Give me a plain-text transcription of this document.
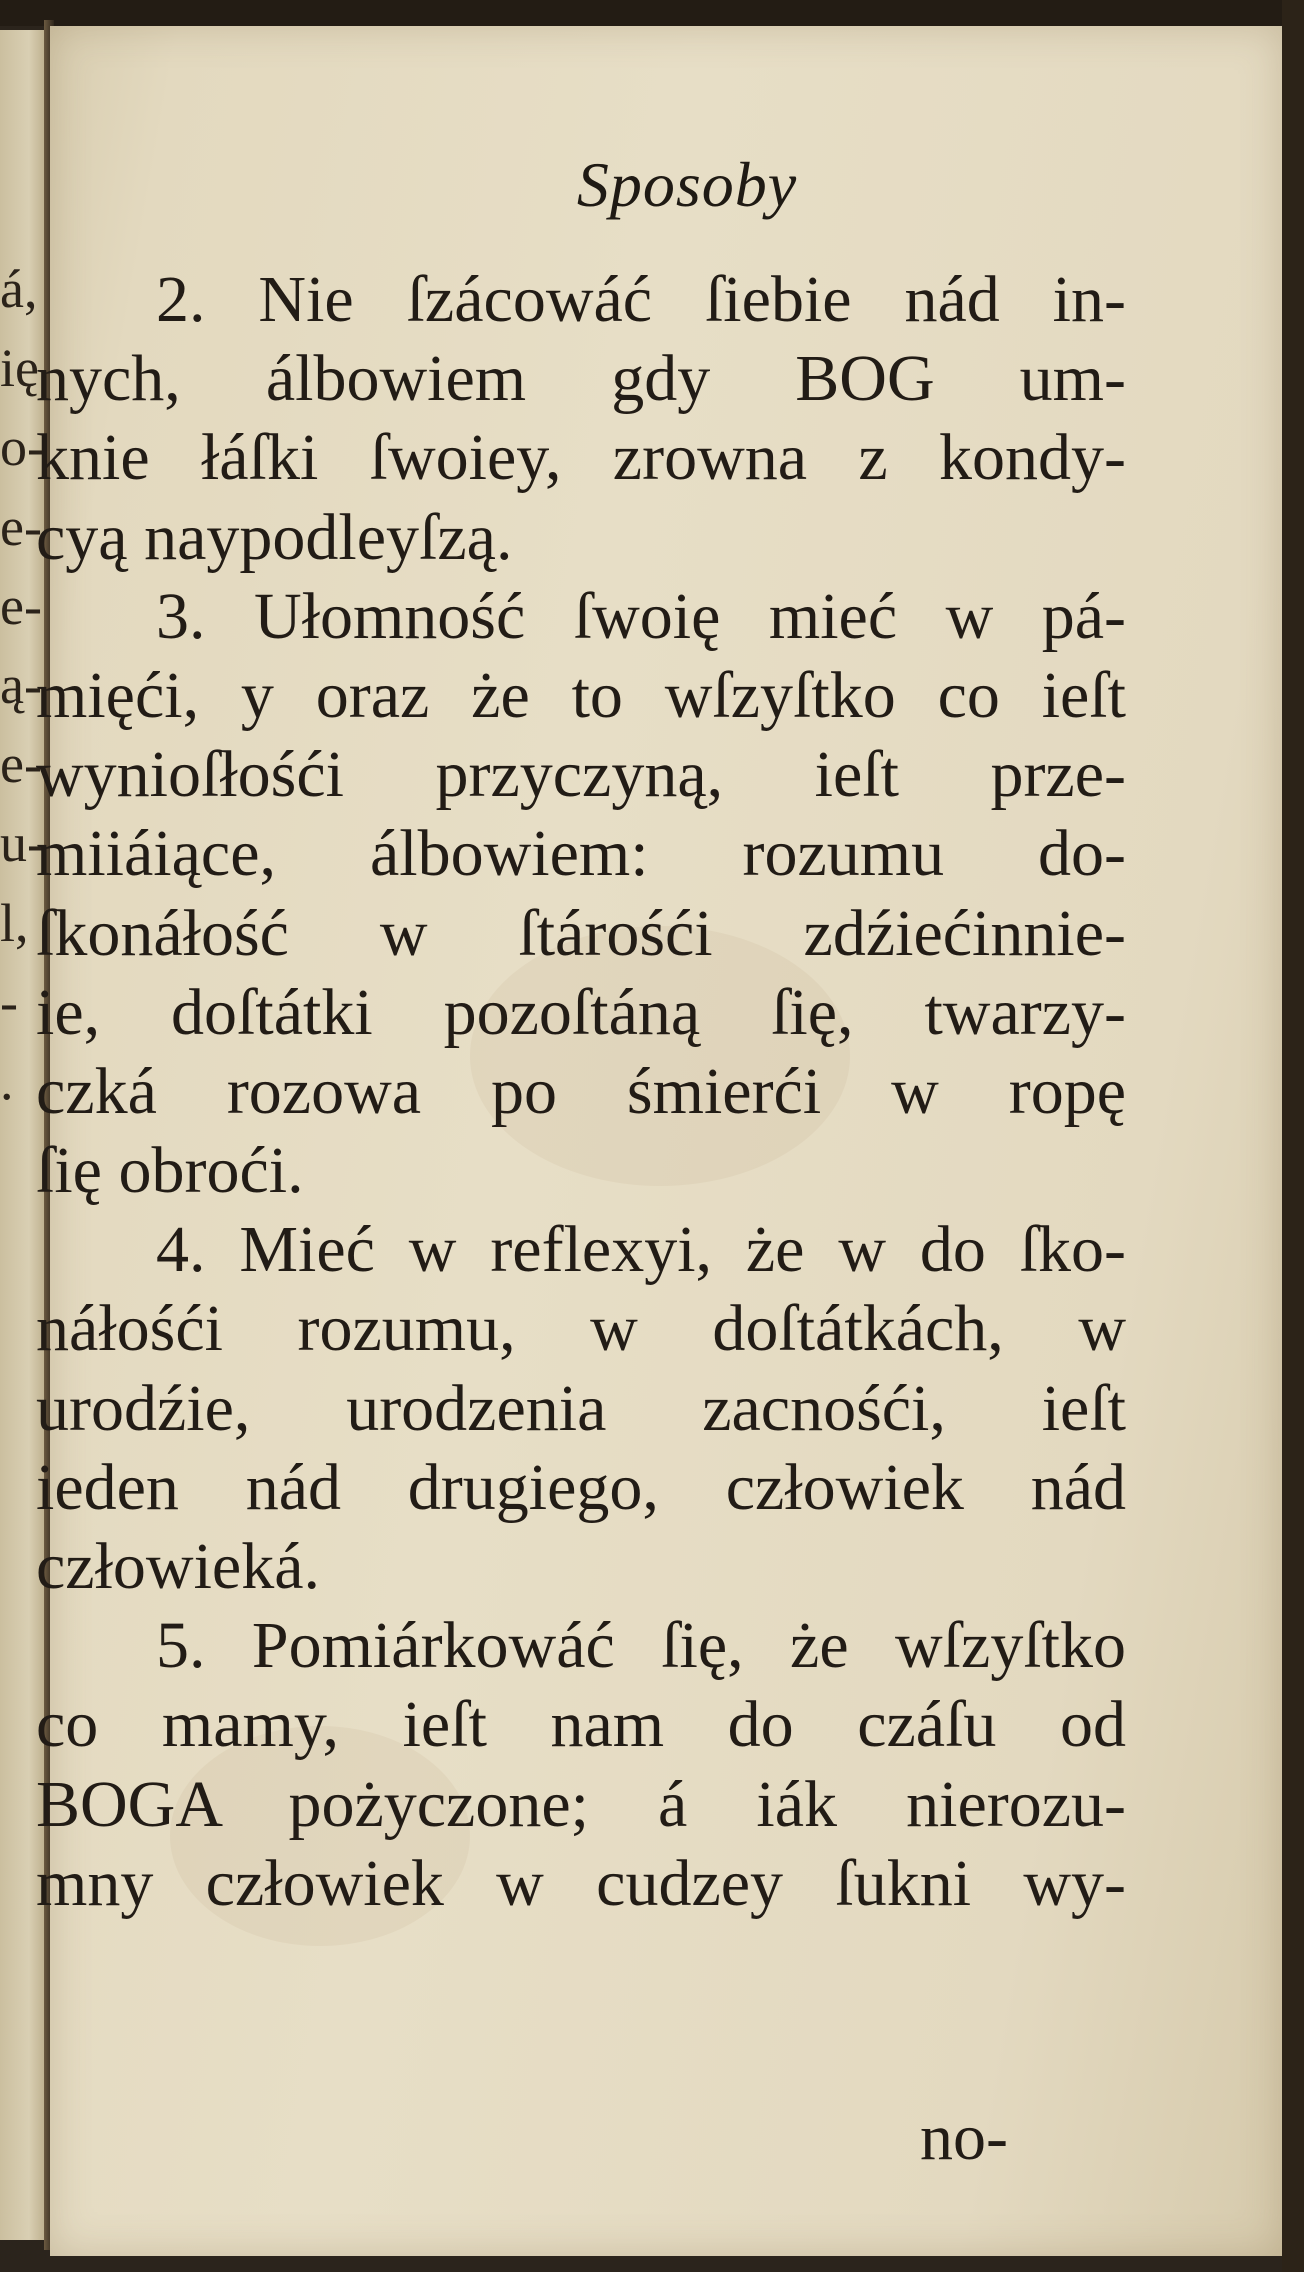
á,
ię
o-
e-
e-
ą-
e-
u-
l,
-
.
Sposoby
2. Nie ſzácowáć ſiebie nád in-
nych, álbowiem gdy BOG um-
knie łáſki ſwoiey, zrowna z kondy-
cyą naypodleyſzą.
3. Ułomność ſwoię mieć w pá-
mięći, y oraz że to wſzyſtko co ieſt
wynioſłośći przyczyną, ieſt prze-
miiáiące, álbowiem: rozumu do-
ſkonáłość w ſtárośći zdźiećinnie-
ie, doſtátki pozoſtáną ſię, twarzy-
czká rozowa po śmierći w ropę
ſię obroći.
4. Mieć w reflexyi, że w do ſko-
náłośći rozumu, w doſtátkách, w
urodźie, urodzenia zacnośći, ieſt
ieden nád drugiego, człowiek nád
człowieká.
5. Pomiárkowáć ſię, że wſzyſtko
co mamy, ieſt nam do czáſu od
BOGA pożyczone; á iák nierozu-
mny człowiek w cudzey ſukni wy-
no-
